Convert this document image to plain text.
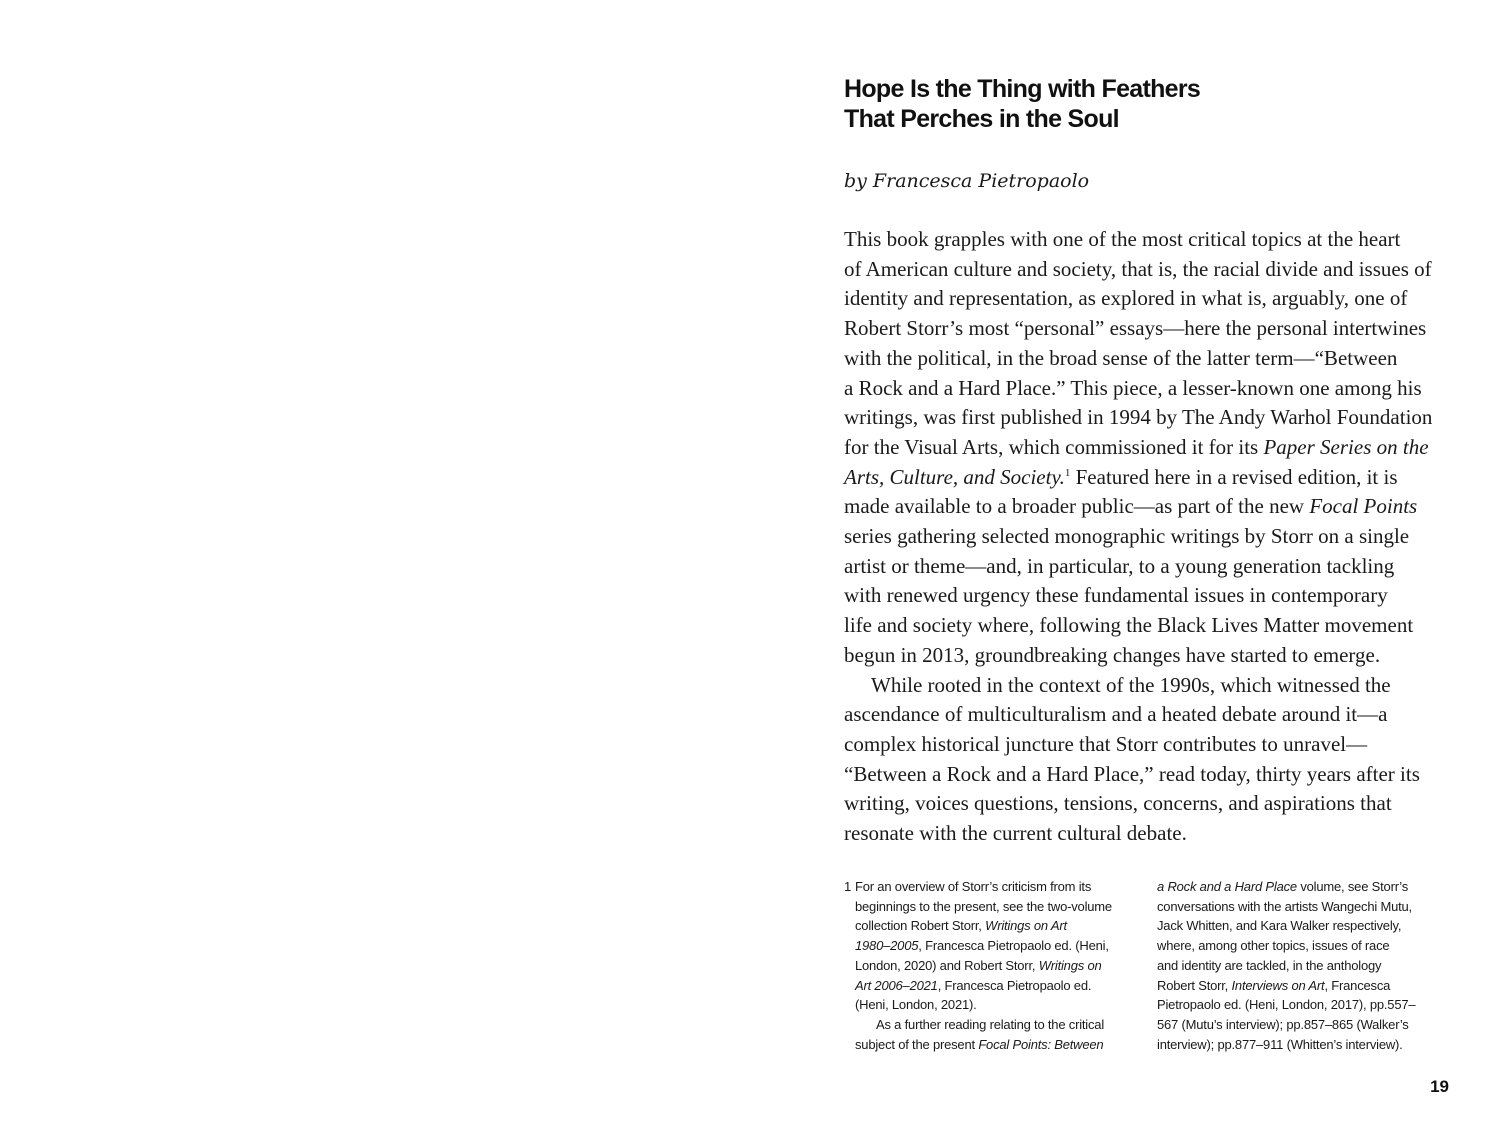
Hope Is the Thing with Feathers
That Perches in the Soul

by Francesca Pietropaolo

This book grapples with one of the most critical topics at the heart
of American culture and society, that is, the racial divide and issues of
identity and representation, as explored in what is, arguably, one of
Robert Storr’s most “personal” essays—here the personal intertwines
with the political, in the broad sense of the latter term—“Between
a Rock and a Hard Place.” This piece, a lesser-known one among his
writings, was first published in 1994 by The Andy Warhol Foundation
for the Visual Arts, which commissioned it for its Paper Series on the
Arts, Culture, and Society.$^1$ Featured here in a revised edition, it is
made available to a broader public—as part of the new Focal Points
series gathering selected monographic writings by Storr on a single
artist or theme—and, in particular, to a young generation tackling
with renewed urgency these fundamental issues in contemporary
life and society where, following the Black Lives Matter movement
begun in 2013, groundbreaking changes have started to emerge.
While rooted in the context of the 1990s, which witnessed the
ascendance of multiculturalism and a heated debate around it—a
complex historical juncture that Storr contributes to unravel—
“Between a Rock and a Hard Place,” read today, thirty years after its
writing, voices questions, tensions, concerns, and aspirations that
resonate with the current cultural debate.
1 For an overview of Storr’s criticism from its
beginnings to the present, see the two-volume
collection Robert Storr, Writings on Art
1980–2005, Francesca Pietropaolo ed. (Heni,
London, 2020) and Robert Storr, Writings on
Art 2006–2021, Francesca Pietropaolo ed.
(Heni, London, 2021).
As a further reading relating to the critical
subject of the present Focal Points: Between
a Rock and a Hard Place volume, see Storr’s
conversations with the artists Wangechi Mutu,
Jack Whitten, and Kara Walker respectively,
where, among other topics, issues of race
and identity are tackled, in the anthology
Robert Storr, Interviews on Art, Francesca
Pietropaolo ed. (Heni, London, 2017), pp.557–
567 (Mutu’s interview); pp.857–865 (Walker’s
interview); pp.877–911 (Whitten’s interview).
19
